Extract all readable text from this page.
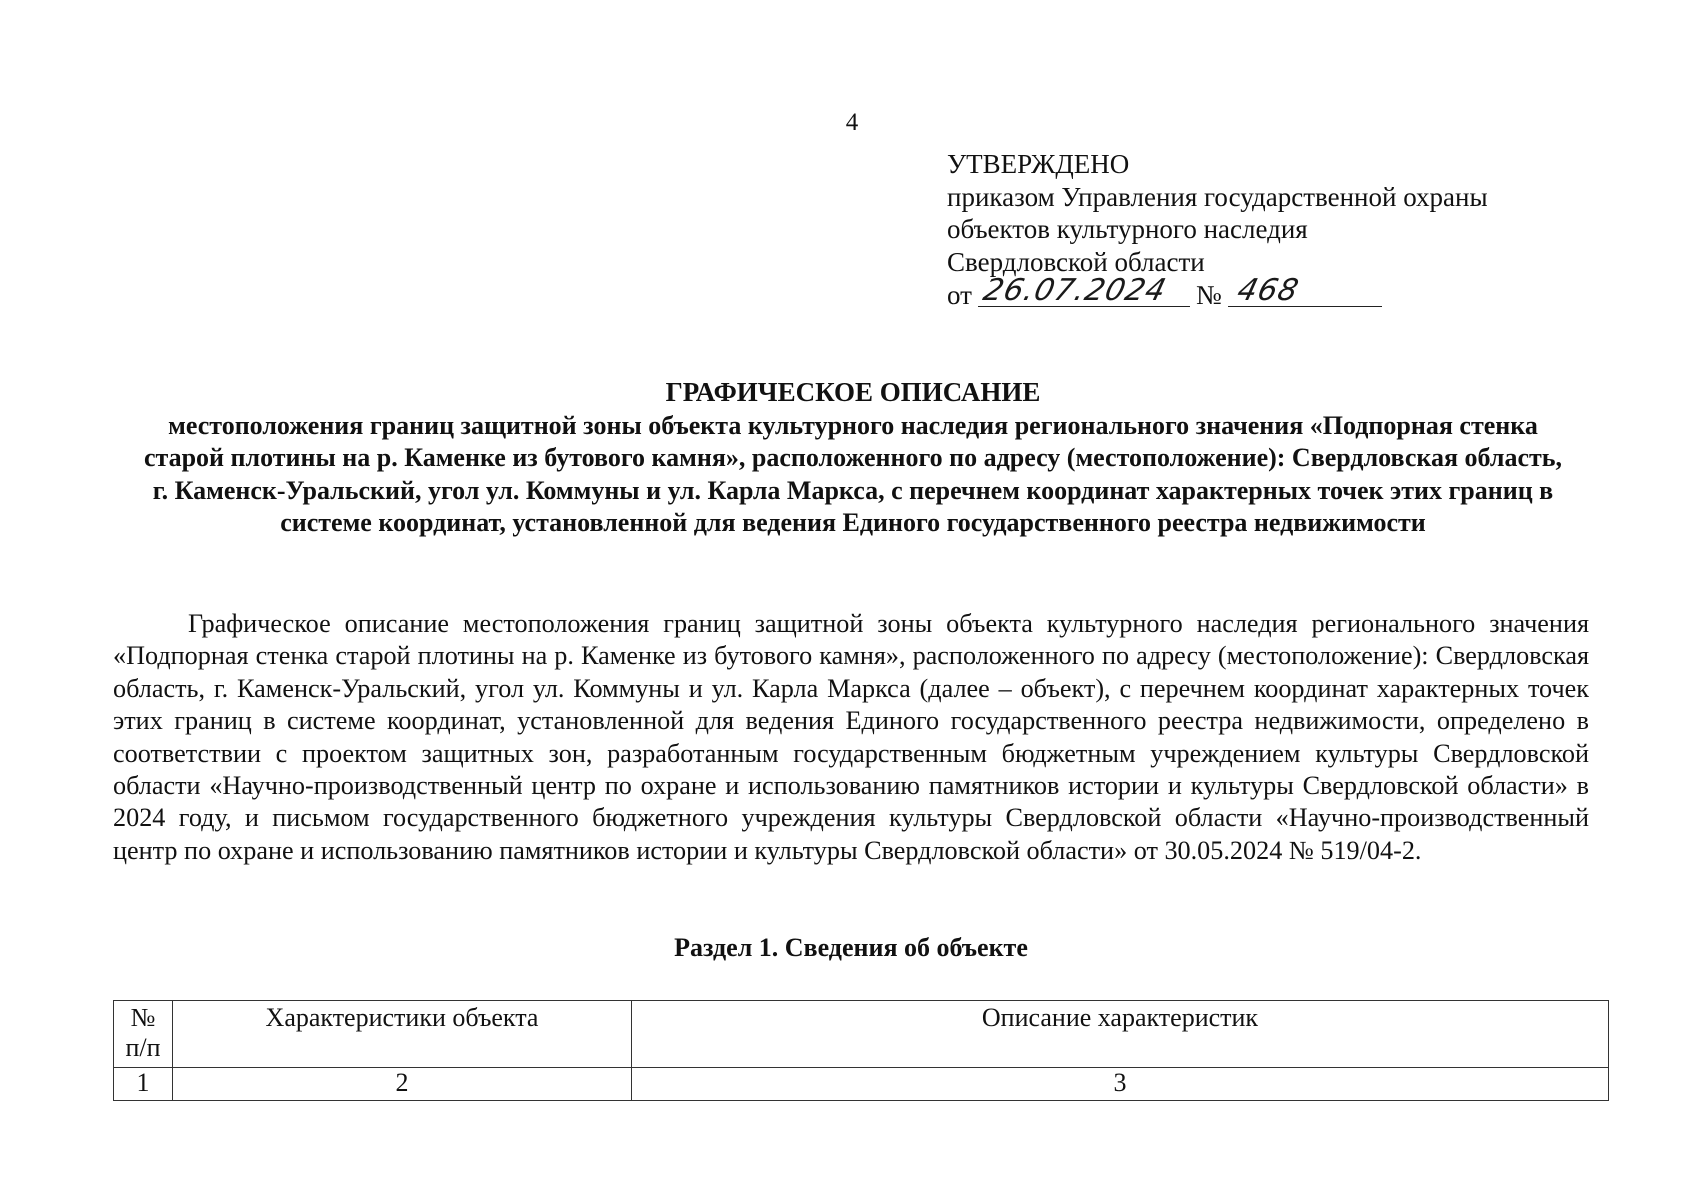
4
УТВЕРЖДЕНО
приказом Управления государственной охраны
объектов культурного наследия
Свердловской области
от 26.07.2024 № 468
ГРАФИЧЕСКОЕ ОПИСАНИЕ
местоположения границ защитной зоны объекта культурного наследия регионального значения «Подпорная стенка старой плотины на р. Каменке из бутового камня», расположенного по адресу (местоположение): Свердловская область, г. Каменск-Уральский, угол ул. Коммуны и ул. Карла Маркса, с перечнем координат характерных точек этих границ в системе координат, установленной для ведения Единого государственного реестра недвижимости
Графическое описание местоположения границ защитной зоны объекта культурного наследия регионального значения «Подпорная стенка старой плотины на р. Каменке из бутового камня», расположенного по адресу (местоположение): Свердловская область, г. Каменск-Уральский, угол ул. Коммуны и ул. Карла Маркса (далее – объект), с перечнем координат характерных точек этих границ в системе координат, установленной для ведения Единого государственного реестра недвижимости, определено в соответствии с проектом защитных зон, разработанным государственным бюджетным учреждением культуры Свердловской области «Научно-производственный центр по охране и использованию памятников истории и культуры Свердловской области» в 2024 году, и письмом государственного бюджетного учреждения культуры Свердловской области «Научно-производственный центр по охране и использованию памятников истории и культуры Свердловской области» от 30.05.2024 № 519/04-2.
Раздел 1. Сведения об объекте
№
п/п	Характеристики объекта	Описание характеристик
1	2	3
